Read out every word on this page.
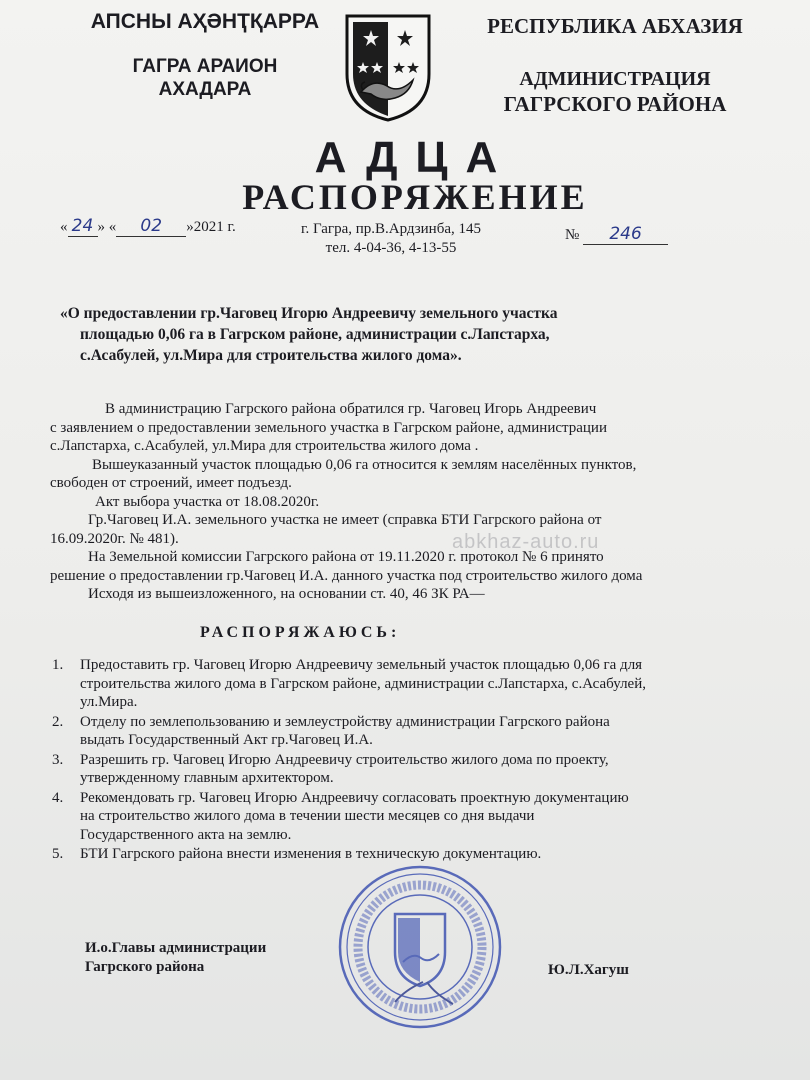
АПСНЫ АҲӘНҬҚАРРА
ГАГРА АРАИОН
АХАДАРА
РЕСПУБЛИКА АБХАЗИЯ
АДМИНИСТРАЦИЯ
ГАГРСКОГО РАЙОНА
АДЦА
РАСПОРЯЖЕНИЕ
« 24 » « 02 »2021 г.	г. Гагра, пр.В.Ардзинба, 145
тел. 4-04-36, 4-13-55
№ 246
«О предоставлении гр.Чаговец Игорю Андреевичу земельного участка
площадью 0,06 га в Гагрском районе, администрации с.Лапстарха,
с.Асабулей, ул.Мира для строительства жилого дома».
В администрацию Гагрского района обратился гр. Чаговец Игорь Андреевич
с заявлением о предоставлении земельного участка в Гагрском районе, администрации
с.Лапстарха, с.Асабулей, ул.Мира для строительства жилого дома .
Вышеуказанный участок площадью 0,06 га относится к землям населённых пунктов,
свободен от строений, имеет подъезд.
Акт выбора участка от 18.08.2020г.
Гр.Чаговец И.А. земельного участка не имеет (справка БТИ Гагрского района от
16.09.2020г. № 481).
На Земельной комиссии Гагрского района от 19.11.2020 г. протокол № 6 принято
решение о предоставлении гр.Чаговец И.А. данного участка под строительство жилого дома
Исходя из вышеизложенного, на основании ст. 40, 46 ЗК РА—
abkhaz-auto.ru
РАСПОРЯЖАЮСЬ:
1. Предоставить гр. Чаговец Игорю Андреевичу земельный участок площадью 0,06 га для
строительства жилого дома в Гагрском районе, администрации с.Лапстарха, с.Асабулей,
ул.Мира.
2. Отделу по землепользованию и землеустройству администрации Гагрского района
выдать Государственный Акт гр.Чаговец И.А.
3. Разрешить гр. Чаговец Игорю Андреевичу строительство жилого дома по проекту,
утвержденному главным архитектором.
4. Рекомендовать гр. Чаговец Игорю Андреевичу согласовать проектную документацию
на строительство жилого дома в течении шести месяцев со дня выдачи
Государственного акта на землю.
5. БТИ Гагрского района внести изменения в техническую документацию.
И.о.Главы администрации
Гагрского района	Ю.Л.Хагуш
